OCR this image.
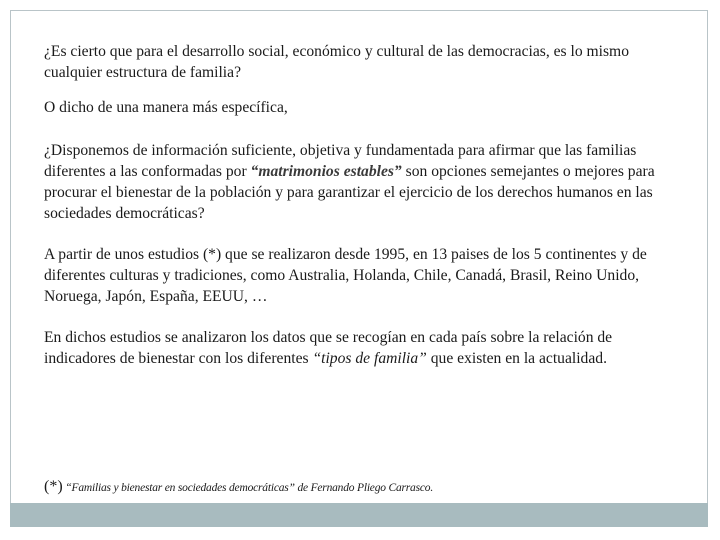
¿Es cierto que para el desarrollo social, económico y cultural de las democracias, es lo mismo cualquier estructura de familia?

O dicho de una manera más específica,

¿Disponemos de información suficiente, objetiva y fundamentada para afirmar que las familias diferentes a las conformadas por “matrimonios estables” son opciones semejantes o mejores para procurar el bienestar de la población y para garantizar el ejercicio de los derechos humanos en las sociedades democráticas?

A partir de unos estudios (*) que se realizaron desde 1995, en 13 paises de los 5 continentes y de diferentes culturas y tradiciones, como Australia, Holanda, Chile, Canadá, Brasil, Reino Unido, Noruega, Japón, España, EEUU, …

En dichos estudios se analizaron los datos que se recogían en cada país sobre la relación de indicadores de bienestar con los diferentes “tipos de familia” que existen en la actualidad.

(*) “Familias y bienestar en sociedades democráticas” de Fernando Pliego Carrasco.
